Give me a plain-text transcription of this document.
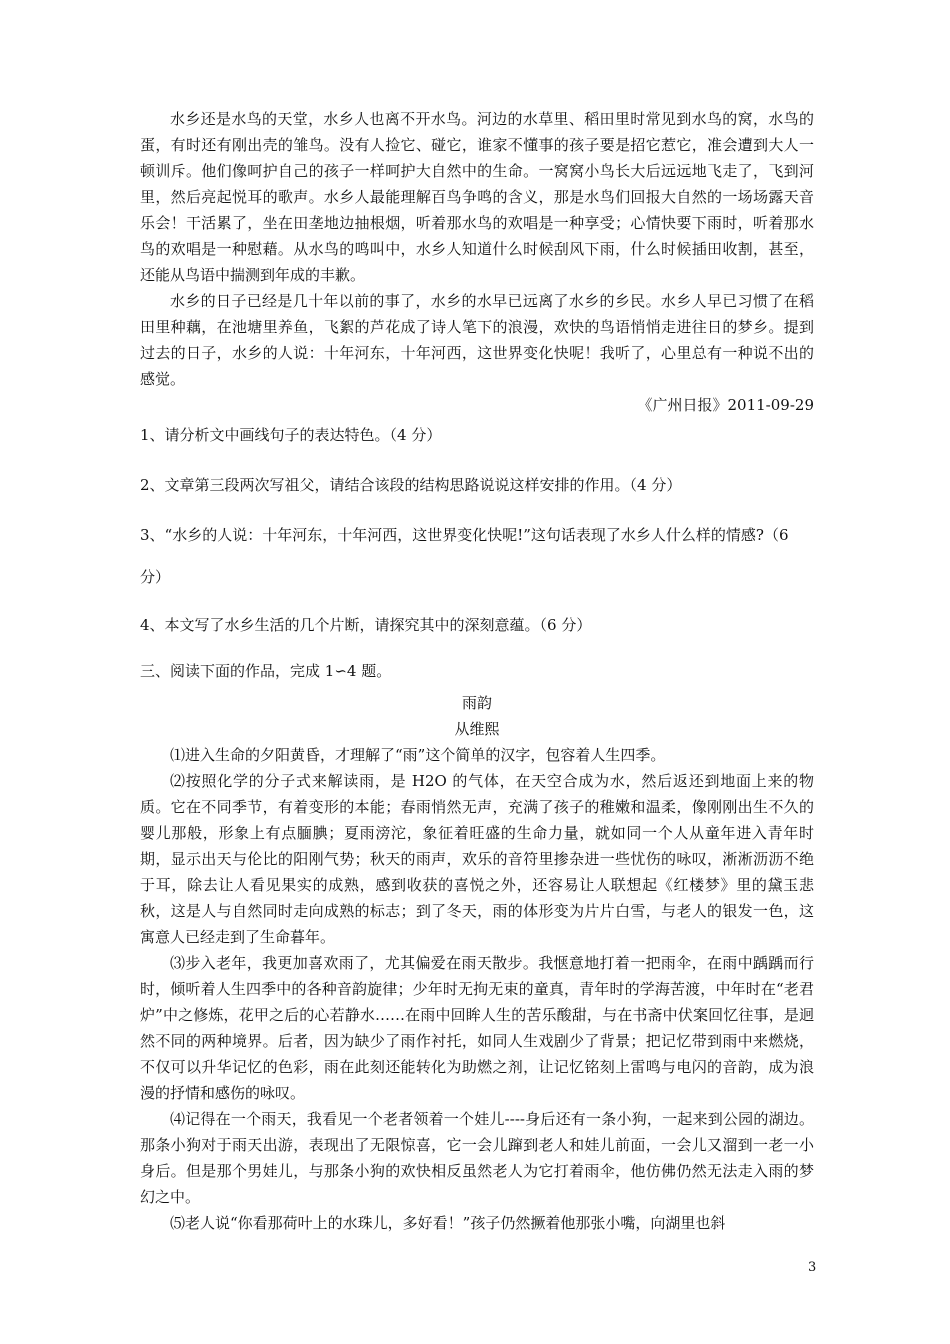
水乡还是水鸟的天堂，水乡人也离不开水鸟。河边的水草里、稻田里时常见到水鸟的窝，水鸟的蛋，有时还有刚出壳的雏鸟。没有人捡它、碰它，谁家不懂事的孩子要是招它惹它，准会遭到大人一顿训斥。他们像呵护自己的孩子一样呵护大自然中的生命。一窝窝小鸟长大后远远地飞走了，飞到河里，然后亮起悦耳的歌声。水乡人最能理解百鸟争鸣的含义，那是水鸟们回报大自然的一场场露天音乐会！干活累了，坐在田垄地边抽根烟，听着那水鸟的欢唱是一种享受；心情快要下雨时，听着那水鸟的欢唱是一种慰藉。从水鸟的鸣叫中，水乡人知道什么时候刮风下雨，什么时候插田收割，甚至，还能从鸟语中揣测到年成的丰歉。

水乡的日子已经是几十年以前的事了，水乡的水早已远离了水乡的乡民。水乡人早已习惯了在稻田里种藕，在池塘里养鱼，飞絮的芦花成了诗人笔下的浪漫，欢快的鸟语悄悄走进往日的梦乡。提到过去的日子，水乡的人说：十年河东，十年河西，这世界变化快呢！我听了，心里总有一种说不出的感觉。

《广州日报》2011-09-29

1、请分析文中画线句子的表达特色。（4 分）

2、文章第三段两次写祖父，请结合该段的结构思路说说这样安排的作用。（4 分）

3、“水乡的人说：十年河东，十年河西，这世界变化快呢!”这句话表现了水乡人什么样的情感?（6 分）

4、本文写了水乡生活的几个片断，请探究其中的深刻意蕴。（6 分）

三、阅读下面的作品，完成 1∽4 题。

雨韵

从维熙

⑴进入生命的夕阳黄昏，才理解了“雨”这个简单的汉字，包容着人生四季。

⑵按照化学的分子式来解读雨，是 H2O 的气体，在天空合成为水，然后返还到地面上来的物质。它在不同季节，有着变形的本能；春雨悄然无声，充满了孩子的稚嫩和温柔，像刚刚出生不久的婴儿那般，形象上有点腼腆；夏雨滂沱，象征着旺盛的生命力量，就如同一个人从童年进入青年时期，显示出天与伦比的阳刚气势；秋天的雨声，欢乐的音符里掺杂进一些忧伤的咏叹，淅淅沥沥不绝于耳，除去让人看见果实的成熟，感到收获的喜悦之外，还容易让人联想起《红楼梦》里的黛玉悲秋，这是人与自然同时走向成熟的标志；到了冬天，雨的体形变为片片白雪，与老人的银发一色，这寓意人已经走到了生命暮年。

⑶步入老年，我更加喜欢雨了，尤其偏爱在雨天散步。我惬意地打着一把雨伞，在雨中踽踽而行时，倾听着人生四季中的各种音韵旋律；少年时无拘无束的童真，青年时的学海苦渡，中年时在“老君炉”中之修炼，花甲之后的心若静水……在雨中回眸人生的苦乐酸甜，与在书斋中伏案回忆往事，是迥然不同的两种境界。后者，因为缺少了雨作衬托，如同人生戏剧少了背景；把记忆带到雨中来燃烧，不仅可以升华记忆的色彩，雨在此刻还能转化为助燃之剂，让记忆铭刻上雷鸣与电闪的音韵，成为浪漫的抒情和感伤的咏叹。

⑷记得在一个雨天，我看见一个老者领着一个娃儿----身后还有一条小狗，一起来到公园的湖边。那条小狗对于雨天出游，表现出了无限惊喜，它一会儿蹿到老人和娃儿前面，一会儿又溜到一老一小身后。但是那个男娃儿，与那条小狗的欢快相反虽然老人为它打着雨伞，他仿佛仍然无法走入雨的梦幻之中。

⑸老人说“你看那荷叶上的水珠儿，多好看！”孩子仍然撅着他那张小嘴，向湖里也斜

3
